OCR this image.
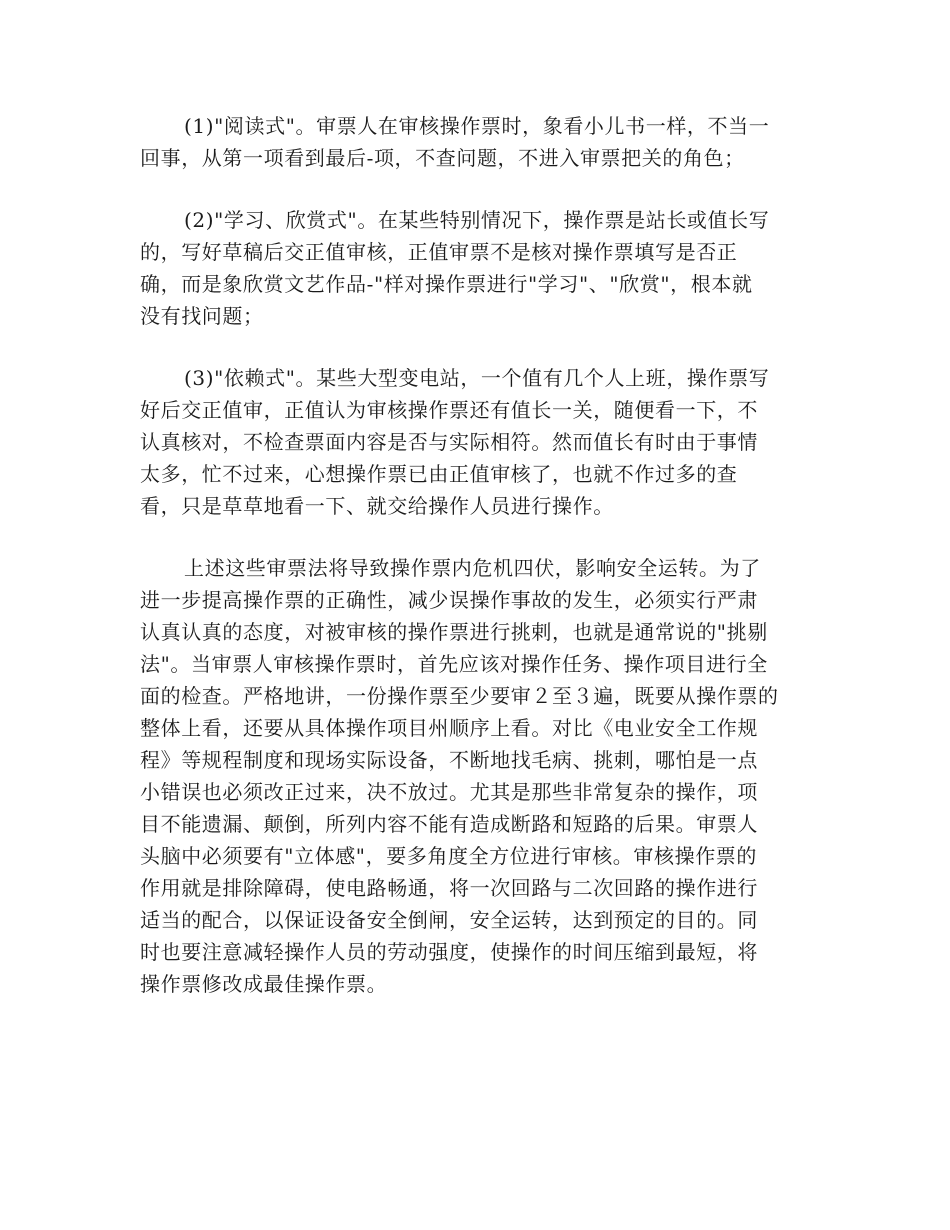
(1)"阅读式"。审票人在审核操作票时，象看小儿书一样，不当一
回事，从第一项看到最后-项，不查问题，不进入审票把关的角色；
(2)"学习、欣赏式"。在某些特别情况下，操作票是站长或值长写
的，写好草稿后交正值审核，正值审票不是核对操作票填写是否正
确，而是象欣赏文艺作品-"样对操作票进行"学习"、"欣赏"，根本就
没有找问题；
(3)"依赖式"。某些大型变电站，一个值有几个人上班，操作票写
好后交正值审，正值认为审核操作票还有值长一关，随便看一下，不
认真核对，不检查票面内容是否与实际相符。然而值长有时由于事情
太多，忙不过来，心想操作票已由正值审核了，也就不作过多的查
看，只是草草地看一下、就交给操作人员进行操作。
上述这些审票法将导致操作票内危机四伏，影响安全运转。为了
进一步提高操作票的正确性，减少误操作事故的发生，必须实行严肃
认真认真的态度，对被审核的操作票进行挑剌，也就是通常说的"挑剔
法"。当审票人审核操作票时，首先应该对操作任务、操作项目进行全
面的检查。严格地讲，一份操作票至少要审２至３遍，既要从操作票的
整体上看，还要从具体操作项目州顺序上看。对比《电业安全工作规
程》等规程制度和现场实际设备，不断地找毛病、挑刺，哪怕是一点
小错误也必须改正过来，决不放过。尤其是那些非常复杂的操作，项
目不能遗漏、颠倒，所列内容不能有造成断路和短路的后果。审票人
头脑中必须要有"立体感"，要多角度全方位进行审核。审核操作票的
作用就是排除障碍，使电路畅通，将一次回路与二次回路的操作进行
适当的配合，以保证设备安全倒闸，安全运转，达到预定的目的。同
时也要注意减轻操作人员的劳动强度，使操作的时间压缩到最短，将
操作票修改成最佳操作票。
